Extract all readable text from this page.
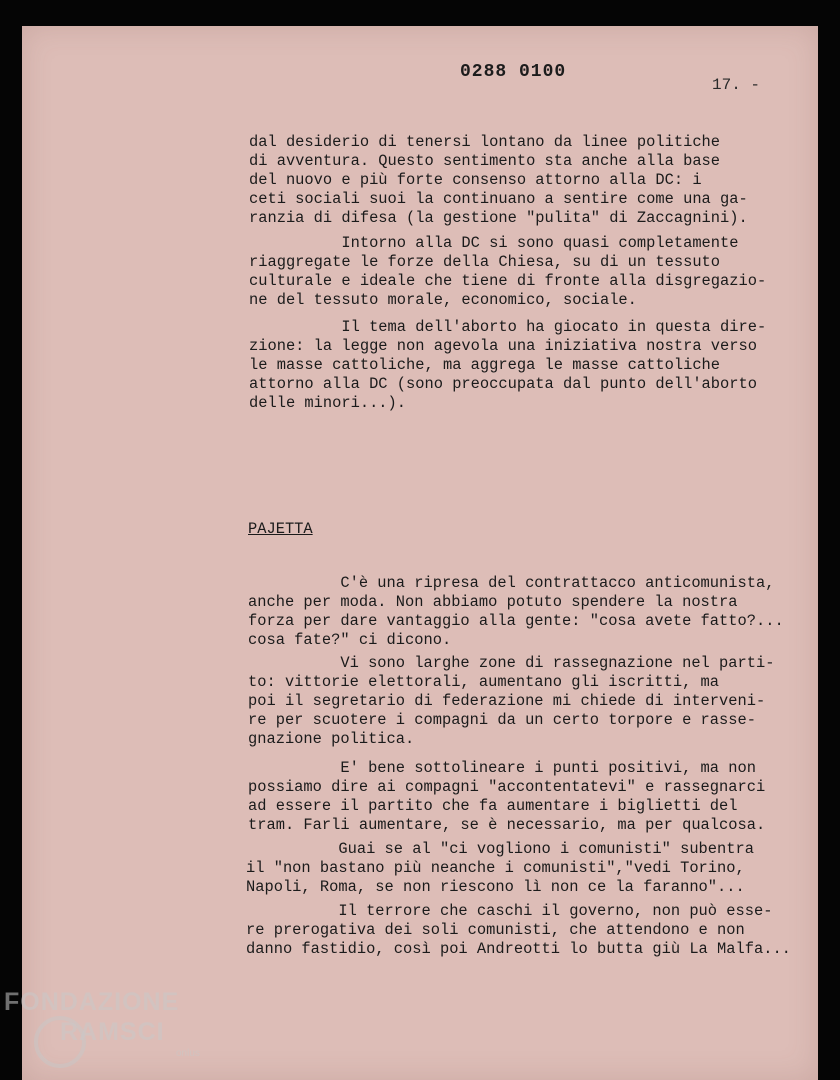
0288 0100
17. -

dal desiderio di tenersi lontano da linee politiche
di avventura. Questo sentimento sta anche alla base
del nuovo e più forte consenso attorno alla DC: i
ceti sociali suoi la continuano a sentire come una ga-
ranzia di difesa (la gestione "pulita" di Zaccagnini).

Intorno alla DC si sono quasi completamente
riaggregate le forze della Chiesa, su di un tessuto
culturale e ideale che tiene di fronte alla disgregazio-
ne del tessuto morale, economico, sociale.

Il tema dell'aborto ha giocato in questa dire-
zione: la legge non agevola una iniziativa nostra verso
le masse cattoliche, ma aggrega le masse cattoliche
attorno alla DC (sono preoccupata dal punto dell'aborto
delle minori...).

PAJETTA

C'è una ripresa del contrattacco anticomunista,
anche per moda. Non abbiamo potuto spendere la nostra
forza per dare vantaggio alla gente: "cosa avete fatto?...
cosa fate?" ci dicono.

Vi sono larghe zone di rassegnazione nel parti-
to: vittorie elettorali, aumentano gli iscritti, ma
poi il segretario di federazione mi chiede di interveni-
re per scuotere i compagni da un certo torpore e rasse-
gnazione politica.

E' bene sottolineare i punti positivi, ma non
possiamo dire ai compagni "accontentatevi" e rassegnarci
ad essere il partito che fa aumentare i biglietti del
tram. Farli aumentare, se è necessario, ma per qualcosa.

Guai se al "ci vogliono i comunisti" subentra
il "non bastano più neanche i comunisti","vedi Torino,
Napoli, Roma, se non riescono lì non ce la faranno"...

Il terrore che caschi il governo, non può esse-
re prerogativa dei soli comunisti, che attendono e non
danno fastidio, così poi Andreotti lo butta giù La Malfa...

FONDAZIONE
RAMSCI
onlus
